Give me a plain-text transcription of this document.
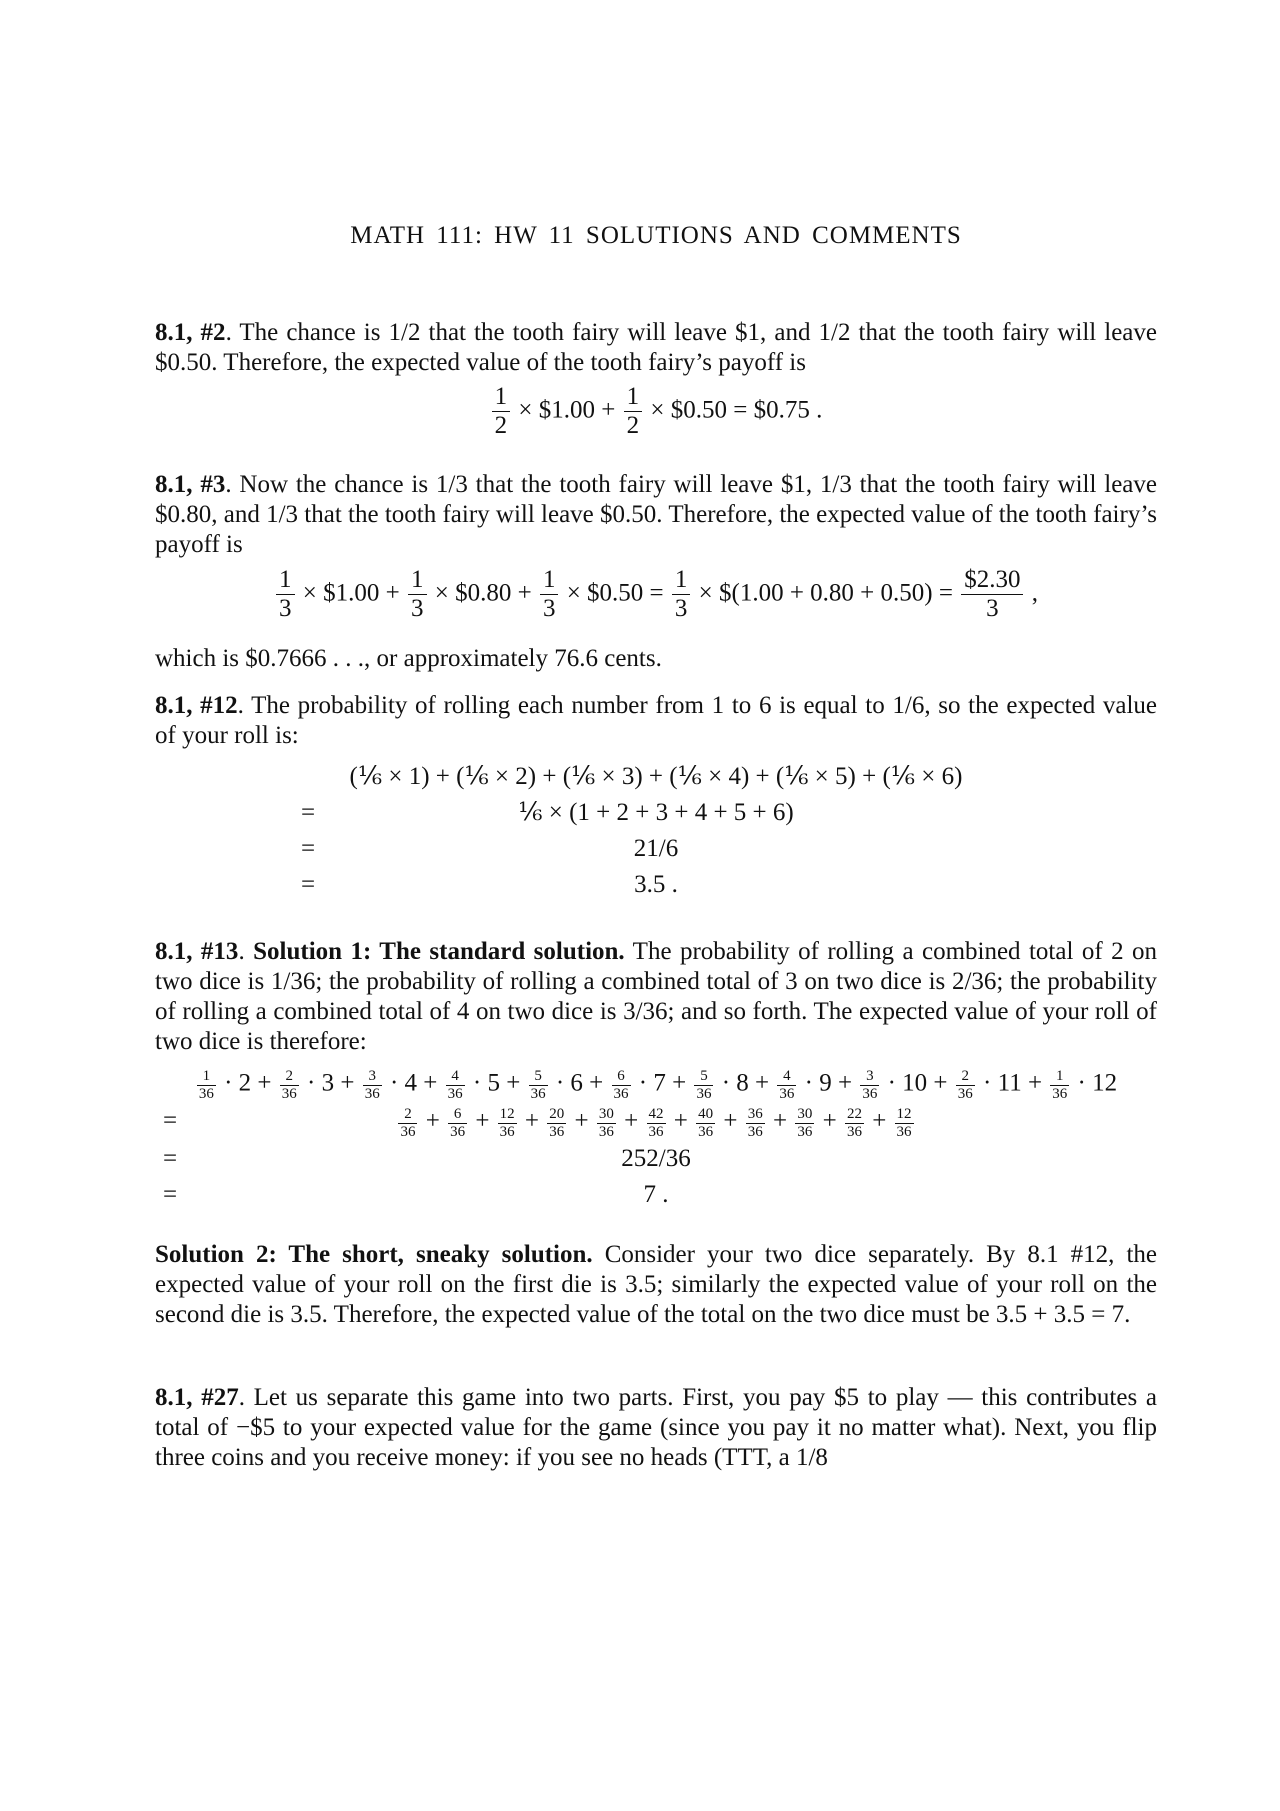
MATH 111: HW 11 SOLUTIONS AND COMMENTS
8.1, #2. The chance is 1/2 that the tooth fairy will leave $1, and 1/2 that the tooth fairy will leave $0.50. Therefore, the expected value of the tooth fairy’s payoff is
$\frac{1}{2}$ × $1.00 + $\frac{1}{2}$ × $0.50 = $0.75 .
8.1, #3. Now the chance is 1/3 that the tooth fairy will leave $1, 1/3 that the tooth fairy will leave $0.80, and 1/3 that the tooth fairy will leave $0.50. Therefore, the expected value of the tooth fairy’s payoff is
$\frac{1}{3}$ × $1.00 + $\frac{1}{3}$ × $0.80 + $\frac{1}{3}$ × $0.50 = $\frac{1}{3}$ × $(1.00 + $0.80 + 0.50) = \frac{\$2.30}{3}$ ,
which is $0.7666 . . ., or approximately 76.6 cents.
8.1, #12. The probability of rolling each number from 1 to 6 is equal to 1/6, so the expected value of your roll is:
(⅙ × 1) + (⅙ × 2) + (⅙ × 3) + (⅙ × 4) + (⅙ × 5) + (⅙ × 6)
=	⅙ × (1 + 2 + 3 + 4 + 5 + 6)
=	21/6
=	3.5 .
8.1, #13. Solution 1: The standard solution. The probability of rolling a combined total of 2 on two dice is 1/36; the probability of rolling a combined total of 3 on two dice is 2/36; the probability of rolling a combined total of 4 on two dice is 3/36; and so forth. The expected value of your roll of two dice is therefore:
$\frac{1}{36} \cdot 2 + \frac{2}{36} \cdot 3 + \frac{3}{36} \cdot 4 + \frac{4}{36} \cdot 5 + \frac{5}{36} \cdot 6 + \frac{6}{36} \cdot 7 + \frac{5}{36} \cdot 8 + \frac{4}{36} \cdot 9 + \frac{3}{36} \cdot 10 + \frac{2}{36} \cdot 11 + \frac{1}{36} \cdot 12$
=	$\frac{2}{36} + \frac{6}{36} + \frac{12}{36} + \frac{20}{36} + \frac{30}{36} + \frac{42}{36} + \frac{40}{36} + \frac{36}{36} + \frac{30}{36} + \frac{22}{36} + \frac{12}{36}$
=	252/36
=	7 .
Solution 2: The short, sneaky solution. Consider your two dice separately. By 8.1 #12, the expected value of your roll on the first die is 3.5; similarly the expected value of your roll on the second die is 3.5. Therefore, the expected value of the total on the two dice must be 3.5 + 3.5 = 7.
8.1, #27. Let us separate this game into two parts. First, you pay $5 to play — this contributes a total of −$5 to your expected value for the game (since you pay it no matter what). Next, you flip three coins and you receive money: if you see no heads (TTT, a 1/8
